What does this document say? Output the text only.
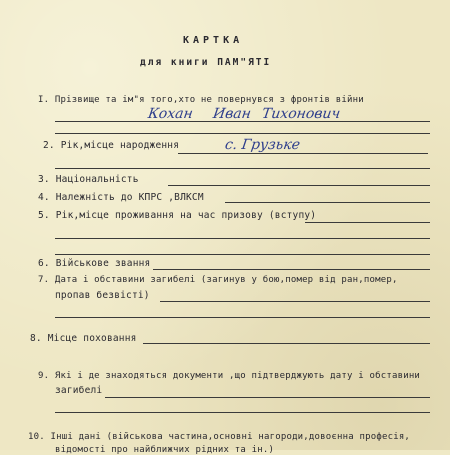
КАРТКА
для книги ПАМ"ЯТІ
I. Прізвище та ім"я того,хто не повернувся з фронтів війни
Кохан Иван Тихонович
2. Рік,місце народження	с. Грузьке
3. Національність
4. Належність до КПРС ,ВЛКСМ
5. Рік,місце проживання на час призову (вступу)
6. Військове звання
7. Дата і обставини загибелі (загинув у бою,помер від ран,помер,
пропав безвісті)
8. Місце поховання
9. Які і де знаходяться документи ,що підтверджують дату і обставини
загибелі
10. Інші дані (військова частина,основні нагороди,довоєнна професія,
відомості про найближчих рідних та ін.)
